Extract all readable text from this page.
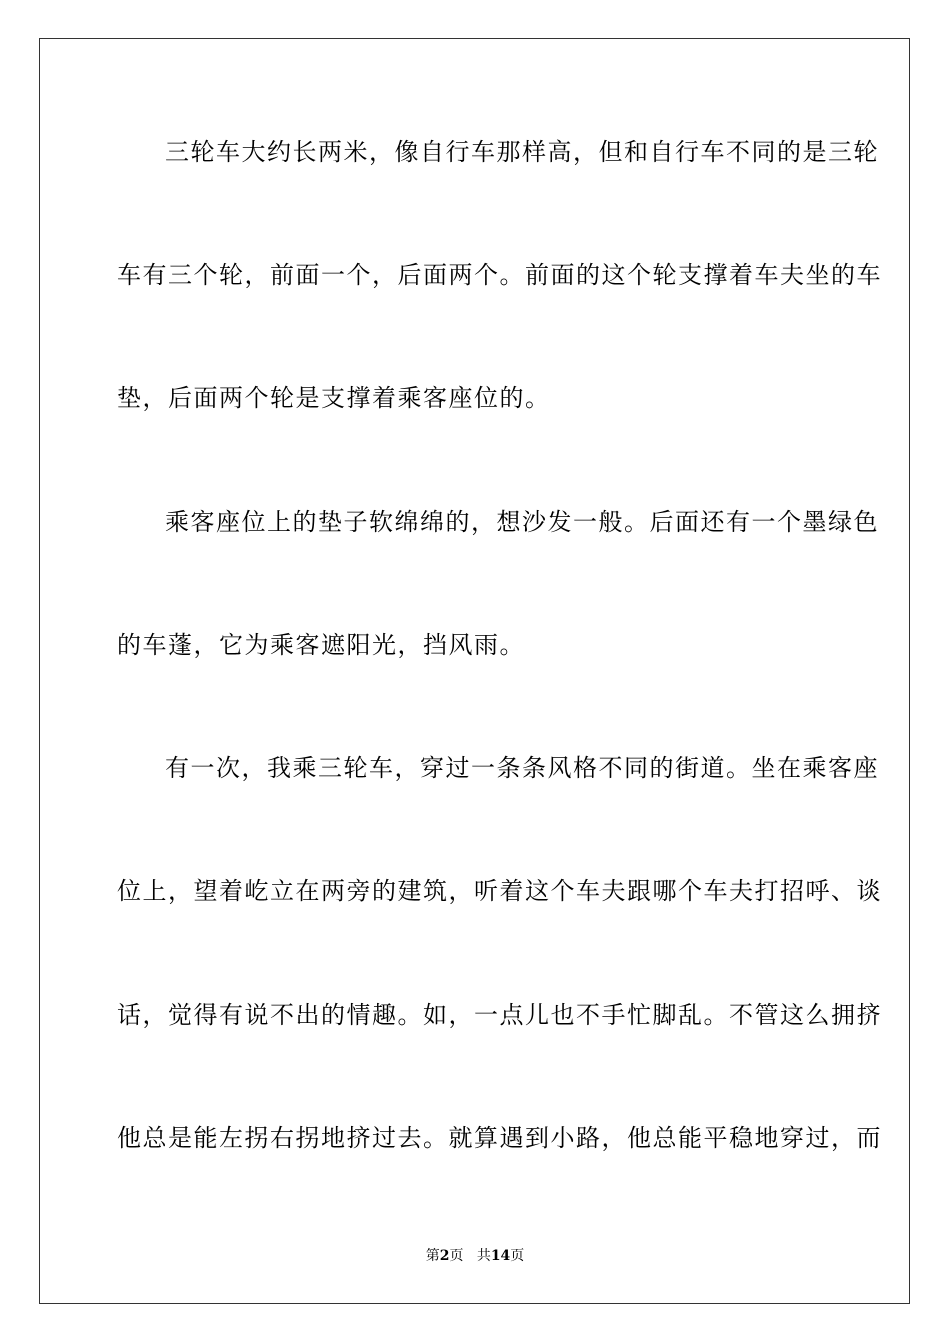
三轮车大约长两米，像自行车那样高，但和自行车不同的是三轮
车有三个轮，前面一个，后面两个。前面的这个轮支撑着车夫坐的车
垫，后面两个轮是支撑着乘客座位的。
乘客座位上的垫子软绵绵的，想沙发一般。后面还有一个墨绿色
的车蓬，它为乘客遮阳光，挡风雨。
有一次，我乘三轮车，穿过一条条风格不同的街道。坐在乘客座
位上，望着屹立在两旁的建筑，听着这个车夫跟哪个车夫打招呼、谈
话，觉得有说不出的情趣。如，一点儿也不手忙脚乱。不管这么拥挤
他总是能左拐右拐地挤过去。就算遇到小路，他总能平稳地穿过，而
第2页 共14页
